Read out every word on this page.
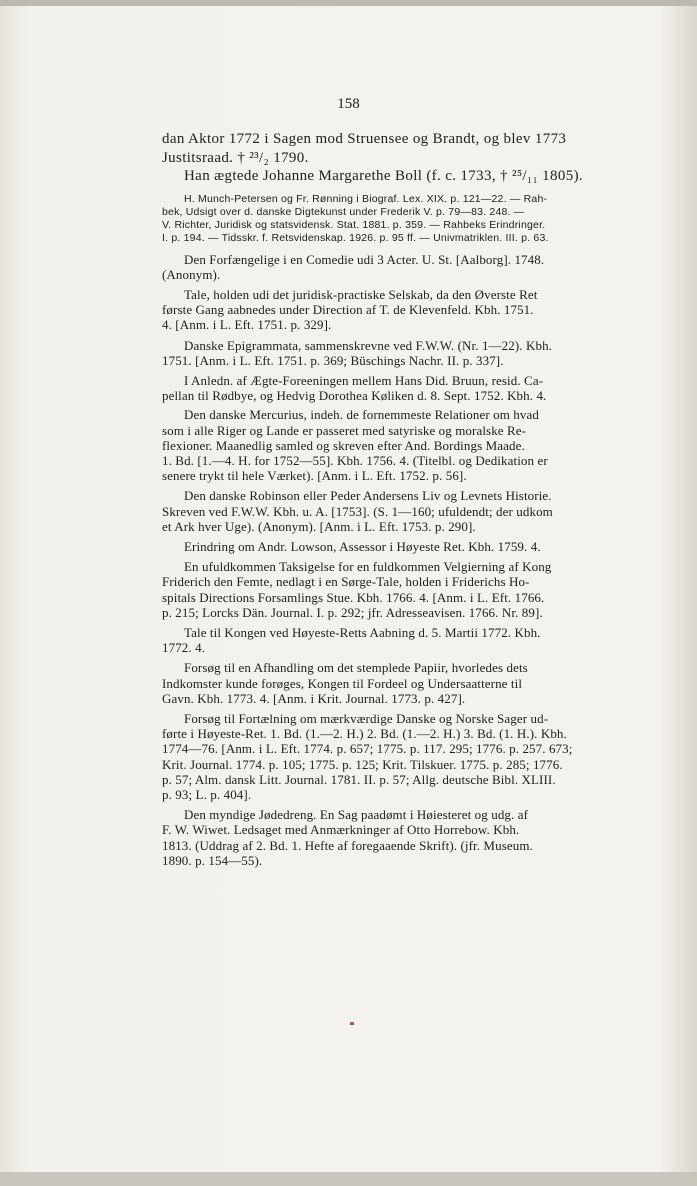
158
dan Aktor 1772 i Sagen mod Struensee og Brandt, og blev 1773
Justitsraad. † ²³/₂ 1790.
Han ægtede Johanne Margarethe Boll (f. c. 1733, † ²⁵/₁₁ 1805).
H. Munch-Petersen og Fr. Rønning i Biograf. Lex. XIX. p. 121—22. — Rah-
bek, Udsigt over d. danske Digtekunst under Frederik V. p. 79—83. 248. —
V. Richter, Juridisk og statsvidensk. Stat. 1881. p. 359. — Rahbeks Erindringer.
I. p. 194. — Tidsskr. f. Retsvidenskap. 1926. p. 95 ff. — Univmatriklen. III. p. 63.
Den Forfængelige i en Comedie udi 3 Acter. U. St. [Aalborg]. 1748.
(Anonym).
Tale, holden udi det juridisk-practiske Selskab, da den Øverste Ret
første Gang aabnedes under Direction af T. de Klevenfeld. Kbh. 1751.
4. [Anm. i L. Eft. 1751. p. 329].
Danske Epigrammata, sammenskrevne ved F.W.W. (Nr. 1—22). Kbh.
1751. [Anm. i L. Eft. 1751. p. 369; Büschings Nachr. II. p. 337].
I Anledn. af Ægte-Foreeningen mellem Hans Did. Bruun, resid. Ca-
pellan til Rødbye, og Hedvig Dorothea Køliken d. 8. Sept. 1752. Kbh. 4.
Den danske Mercurius, indeh. de fornemmeste Relationer om hvad
som i alle Riger og Lande er passeret med satyriske og moralske Re-
flexioner. Maanedlig samled og skreven efter And. Bordings Maade.
1. Bd. [1.—4. H. for 1752—55]. Kbh. 1756. 4. (Titelbl. og Dedikation er
senere trykt til hele Værket). [Anm. i L. Eft. 1752. p. 56].
Den danske Robinson eller Peder Andersens Liv og Levnets Historie.
Skreven ved F.W.W. Kbh. u. A. [1753]. (S. 1—160; ufuldendt; der udkom
et Ark hver Uge). (Anonym). [Anm. i L. Eft. 1753. p. 290].
Erindring om Andr. Lowson, Assessor i Høyeste Ret. Kbh. 1759. 4.
En ufuldkommen Taksigelse for en fuldkommen Velgierning af Kong
Friderich den Femte, nedlagt i en Sørge-Tale, holden i Friderichs Ho-
spitals Directions Forsamlings Stue. Kbh. 1766. 4. [Anm. i L. Eft. 1766.
p. 215; Lorcks Dän. Journal. I. p. 292; jfr. Adresseavisen. 1766. Nr. 89].
Tale til Kongen ved Høyeste-Retts Aabning d. 5. Martii 1772. Kbh.
1772. 4.
Forsøg til en Afhandling om det stemplede Papiir, hvorledes dets
Indkomster kunde forøges, Kongen til Fordeel og Undersaatterne til
Gavn. Kbh. 1773. 4. [Anm. i Krit. Journal. 1773. p. 427].
Forsøg til Fortælning om mærkværdige Danske og Norske Sager ud-
førte i Høyeste-Ret. 1. Bd. (1.—2. H.) 2. Bd. (1.—2. H.) 3. Bd. (1. H.). Kbh.
1774—76. [Anm. i L. Eft. 1774. p. 657; 1775. p. 117. 295; 1776. p. 257. 673;
Krit. Journal. 1774. p. 105; 1775. p. 125; Krit. Tilskuer. 1775. p. 285; 1776.
p. 57; Alm. dansk Litt. Journal. 1781. II. p. 57; Allg. deutsche Bibl. XLIII.
p. 93; L. p. 404].
Den myndige Jødedreng. En Sag paadømt i Høiesteret og udg. af
F. W. Wiwet. Ledsaget med Anmærkninger af Otto Horrebow. Kbh.
1813. (Uddrag af 2. Bd. 1. Hefte af foregaaende Skrift). (jfr. Museum.
1890. p. 154—55).
